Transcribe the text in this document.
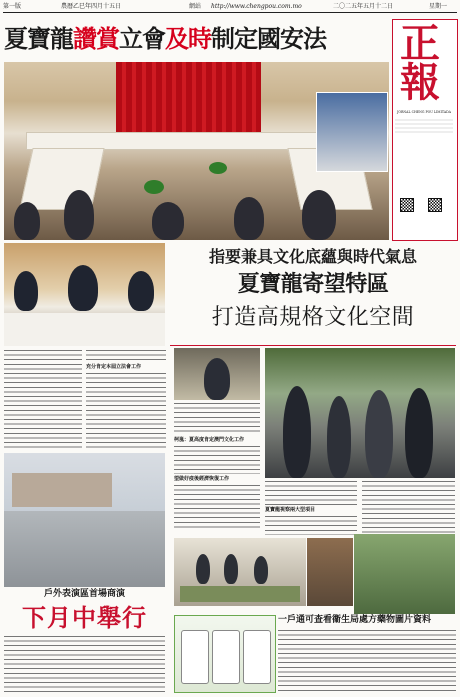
第一版	農曆乙巳年四月十五日	網站 http://www.chengpou.com.mo	二〇二五年五月十二日	星期一
夏寶龍讚賞立會及時制定國安法	正
報
JORNAL CHENG POU LIMITADA
指要兼具文化底蘊與時代氣息
夏寶龍寄望特區
打造高規格文化空間
充分肯定本屆立法會工作
柯嵐：夏高度肯定澳門文化工作
望做好疫後經濟恢復工作
夏寶龍視察兩大型項目
戶外表演區首場商演
下月中舉行	一戶通可查看衞生局處方藥物圖片資料
